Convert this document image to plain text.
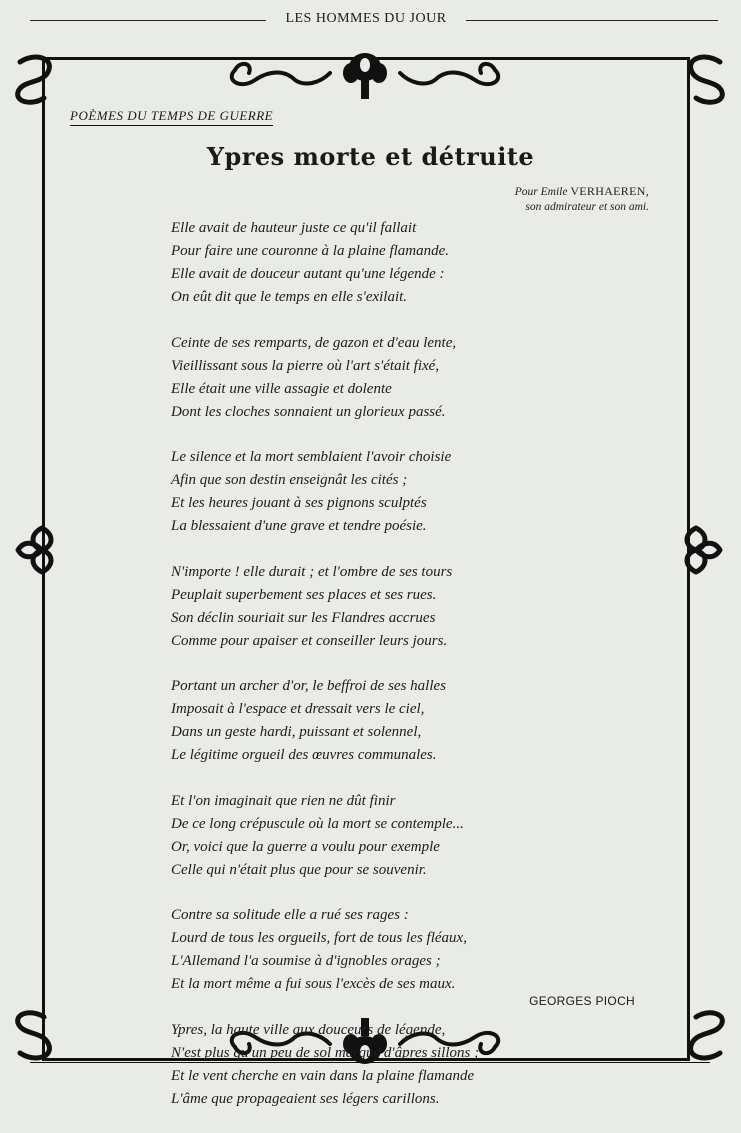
LES HOMMES DU JOUR
POÈMES DU TEMPS DE GUERRE
Ypres morte et détruite
Pour Emile VERHAEREN,
son admirateur et son ami.
Elle avait de hauteur juste ce qu'il fallait
Pour faire une couronne à la plaine flamande.
Elle avait de douceur autant qu'une légende :
On eût dit que le temps en elle s'exilait.
Ceinte de ses remparts, de gazon et d'eau lente,
Vieillissant sous la pierre où l'art s'était fixé,
Elle était une ville assagie et dolente
Dont les cloches sonnaient un glorieux passé.
Le silence et la mort semblaient l'avoir choisie
Afin que son destin enseignât les cités ;
Et les heures jouant à ses pignons sculptés
La blessaient d'une grave et tendre poésie.
N'importe ! elle durait ; et l'ombre de ses tours
Peuplait superbement ses places et ses rues.
Son déclin souriait sur les Flandres accrues
Comme pour apaiser et conseiller leurs jours.
Portant un archer d'or, le beffroi de ses halles
Imposait à l'espace et dressait vers le ciel,
Dans un geste hardi, puissant et solennel,
Le légitime orgueil des œuvres communales.
Et l'on imaginait que rien ne dût finir
De ce long crépuscule où la mort se contemple...
Or, voici que la guerre a voulu pour exemple
Celle qui n'était plus que pour se souvenir.
Contre sa solitude elle a rué ses rages :
Lourd de tous les orgueils, fort de tous les fléaux,
L'Allemand l'a soumise à d'ignobles orages ;
Et la mort même a fui sous l'excès de ses maux.
Ypres, la haute ville aux douceurs de légende,
N'est plus qu'un peu de sol marqué d'âpres sillons ;
Et le vent cherche en vain dans la plaine flamande
L'âme que propageaient ses légers carillons.
GEORGES PIOCH
